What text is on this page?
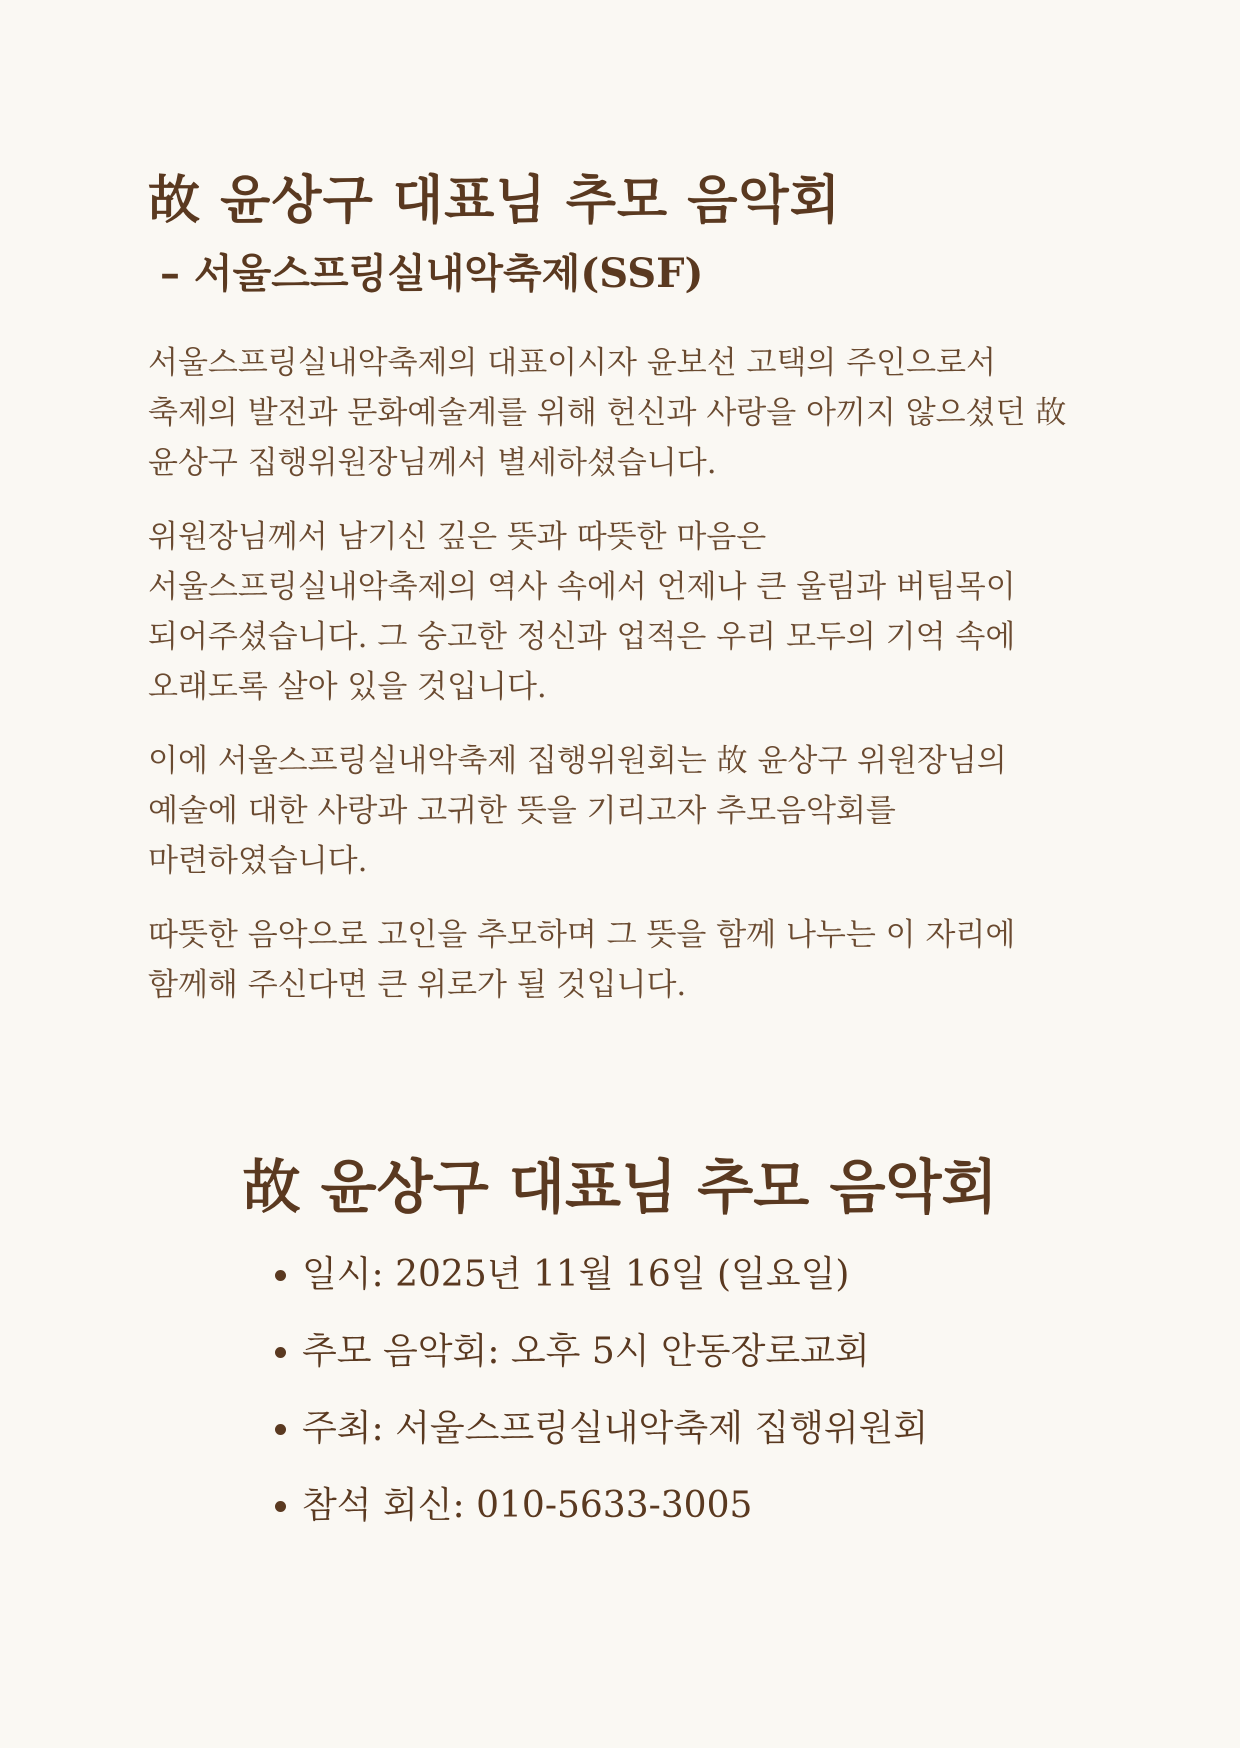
故 윤상구 대표님 추모 음악회
– 서울스프링실내악축제(SSF)

서울스프링실내악축제의 대표이시자 윤보선 고택의 주인으로서 축제의 발전과 문화예술계를 위해 헌신과 사랑을 아끼지 않으셨던 故 윤상구 집행위원장님께서 별세하셨습니다.

위원장님께서 남기신 깊은 뜻과 따뜻한 마음은 서울스프링실내악축제의 역사 속에서 언제나 큰 울림과 버팀목이 되어주셨습니다. 그 숭고한 정신과 업적은 우리 모두의 기억 속에 오래도록 살아 있을 것입니다.

이에 서울스프링실내악축제 집행위원회는 故 윤상구 위원장님의 예술에 대한 사랑과 고귀한 뜻을 기리고자 추모음악회를 마련하였습니다.

따뜻한 음악으로 고인을 추모하며 그 뜻을 함께 나누는 이 자리에 함께해 주신다면 큰 위로가 될 것입니다.

故 윤상구 대표님 추모 음악회
일시: 2025년 11월 16일 (일요일)
추모 음악회: 오후 5시 안동장로교회
주최: 서울스프링실내악축제 집행위원회
참석 회신: 010-5633-3005
